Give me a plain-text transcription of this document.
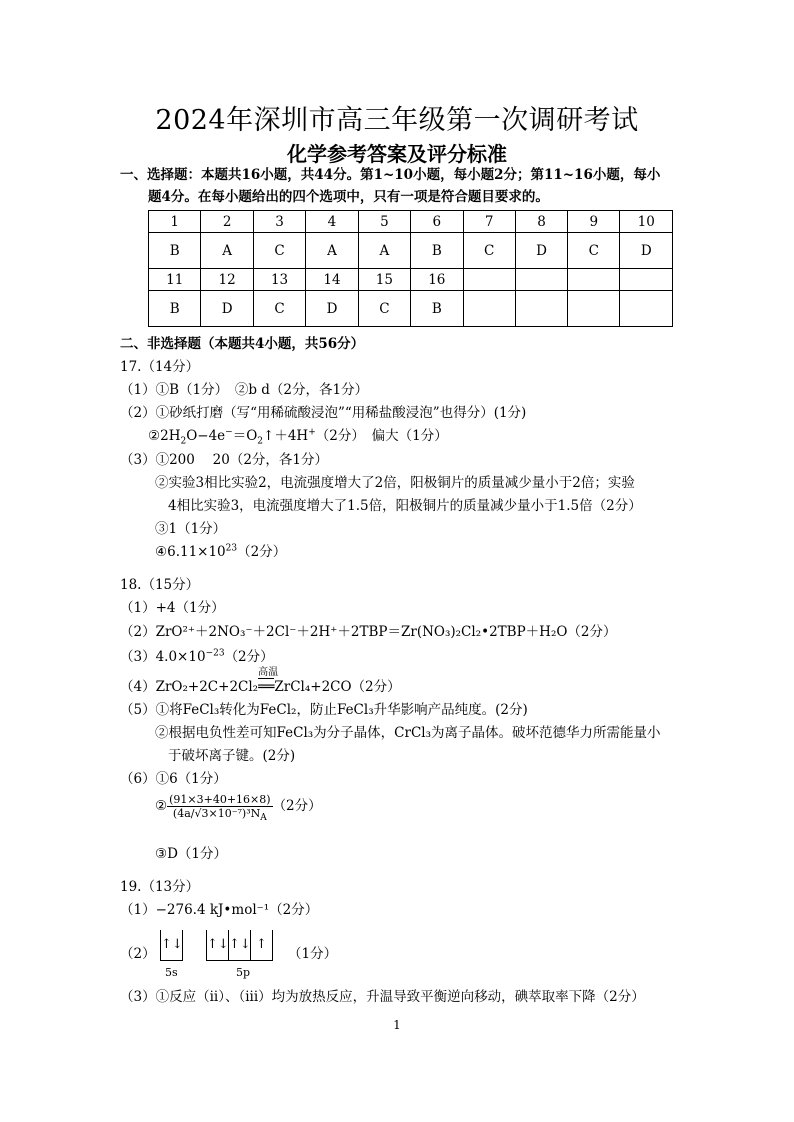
2024年深圳市高三年级第一次调研考试
化学参考答案及评分标准
一、选择题：本题共16小题，共44分。第1~10小题，每小题2分；第11~16小题，每小
题4分。在每小题给出的四个选项中，只有一项是符合题目要求的。
1	2	3	4	5	6	7	8	9	10
B	A	C	A	A	B	C	D	C	D
11	12	13	14	15	16				
B	D	C	D	C	B				
二、非选择题（本题共4小题，共56分）
17.（14分）
（1）①B（1分）　②b d（2分，各1分）
（2）①砂纸打磨（写“用稀硫酸浸泡”“用稀盐酸浸泡”也得分）(1分)
$②2H_2O-4e^-=O_2↑+4H^+(2$分）　偏大（1分）
（3）①200　 20（2分，各1分）
②实验3相比实验2，电流强度增大了2倍，阳极铜片的质量减少量小于2倍；实验
4相比实验3，电流强度增大了1.5倍，阳极铜片的质量减少量小于1.5倍（2分）
③1（1分）
$④6.11\times 10^{23}(2$分）
18.（15分）
（1）+4（1分）
（2）ZrO²⁺＋2NO₃⁻＋2Cl⁻＋2H⁺＋2TBP＝Zr(NO₃)₂Cl₂•2TBP＋H₂O（2分）
$(3)4.0\times 10^{-23}(2$分）
（4）ZrO₂+2C+2Cl₂
高温
══ZrCl₄+2CO（2分）
（5）①将FeCl₃转化为FeCl₂，防止FeCl₃升华影响产品纯度。(2分)
②根据电负性差可知FeCl₃为分子晶体，CrCl₃为离子晶体。破坏范德华力所需能量小
于破坏离子键。(2分)
（6）①6（1分）
② $\frac{(91\times 3+40+16\times 8)}{(4a/√3\times 10^{-7})^3N_A} (2$分）
③D（1分）
19.（13分）
（1）−276.4 kJ•mol⁻¹（2分）
（2）
↑↓ ↑↓↑↓ ↑
5s	5p
（1分）
（3）①反应（ii）、（iii）均为放热反应，升温导致平衡逆向移动，碘萃取率下降（2分）
1
